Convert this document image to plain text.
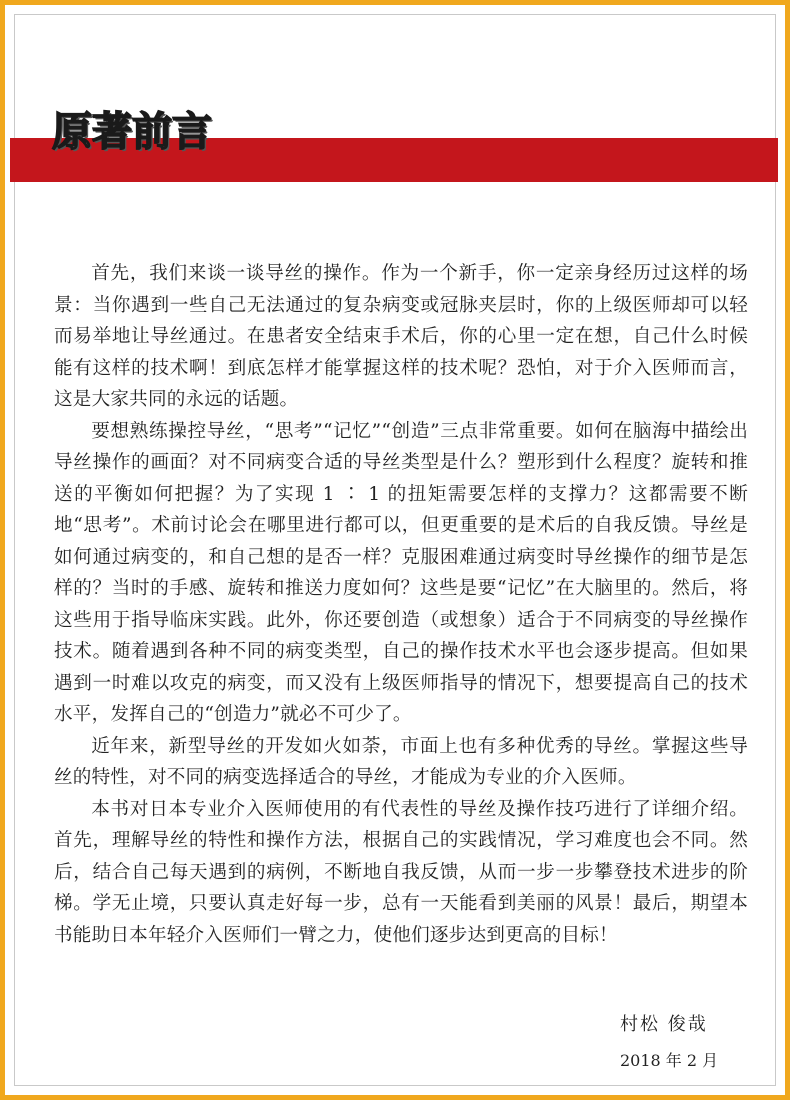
原著前言

首先，我们来谈一谈导丝的操作。作为一个新手，你一定亲身经历过这样的场景：当你遇到一些自己无法通过的复杂病变或冠脉夹层时，你的上级医师却可以轻而易举地让导丝通过。在患者安全结束手术后，你的心里一定在想，自己什么时候能有这样的技术啊！到底怎样才能掌握这样的技术呢？恐怕，对于介入医师而言，这是大家共同的永远的话题。

要想熟练操控导丝，“思考”“记忆”“创造”三点非常重要。如何在脑海中描绘出导丝操作的画面？对不同病变合适的导丝类型是什么？塑形到什么程度？旋转和推送的平衡如何把握？为了实现 1 ∶ 1 的扭矩需要怎样的支撑力？这都需要不断地“思考”。术前讨论会在哪里进行都可以，但更重要的是术后的自我反馈。导丝是如何通过病变的，和自己想的是否一样？克服困难通过病变时导丝操作的细节是怎样的？当时的手感、旋转和推送力度如何？这些是要“记忆”在大脑里的。然后，将这些用于指导临床实践。此外，你还要创造（或想象）适合于不同病变的导丝操作技术。随着遇到各种不同的病变类型，自己的操作技术水平也会逐步提高。但如果遇到一时难以攻克的病变，而又没有上级医师指导的情况下，想要提高自己的技术水平，发挥自己的“创造力”就必不可少了。

近年来，新型导丝的开发如火如荼，市面上也有多种优秀的导丝。掌握这些导丝的特性，对不同的病变选择适合的导丝，才能成为专业的介入医师。

本书对日本专业介入医师使用的有代表性的导丝及操作技巧进行了详细介绍。首先，理解导丝的特性和操作方法，根据自己的实践情况，学习难度也会不同。然后，结合自己每天遇到的病例，不断地自我反馈，从而一步一步攀登技术进步的阶梯。学无止境，只要认真走好每一步，总有一天能看到美丽的风景！最后，期望本书能助日本年轻介入医师们一臂之力，使他们逐步达到更高的目标！

村松 俊哉
2018 年 2 月
